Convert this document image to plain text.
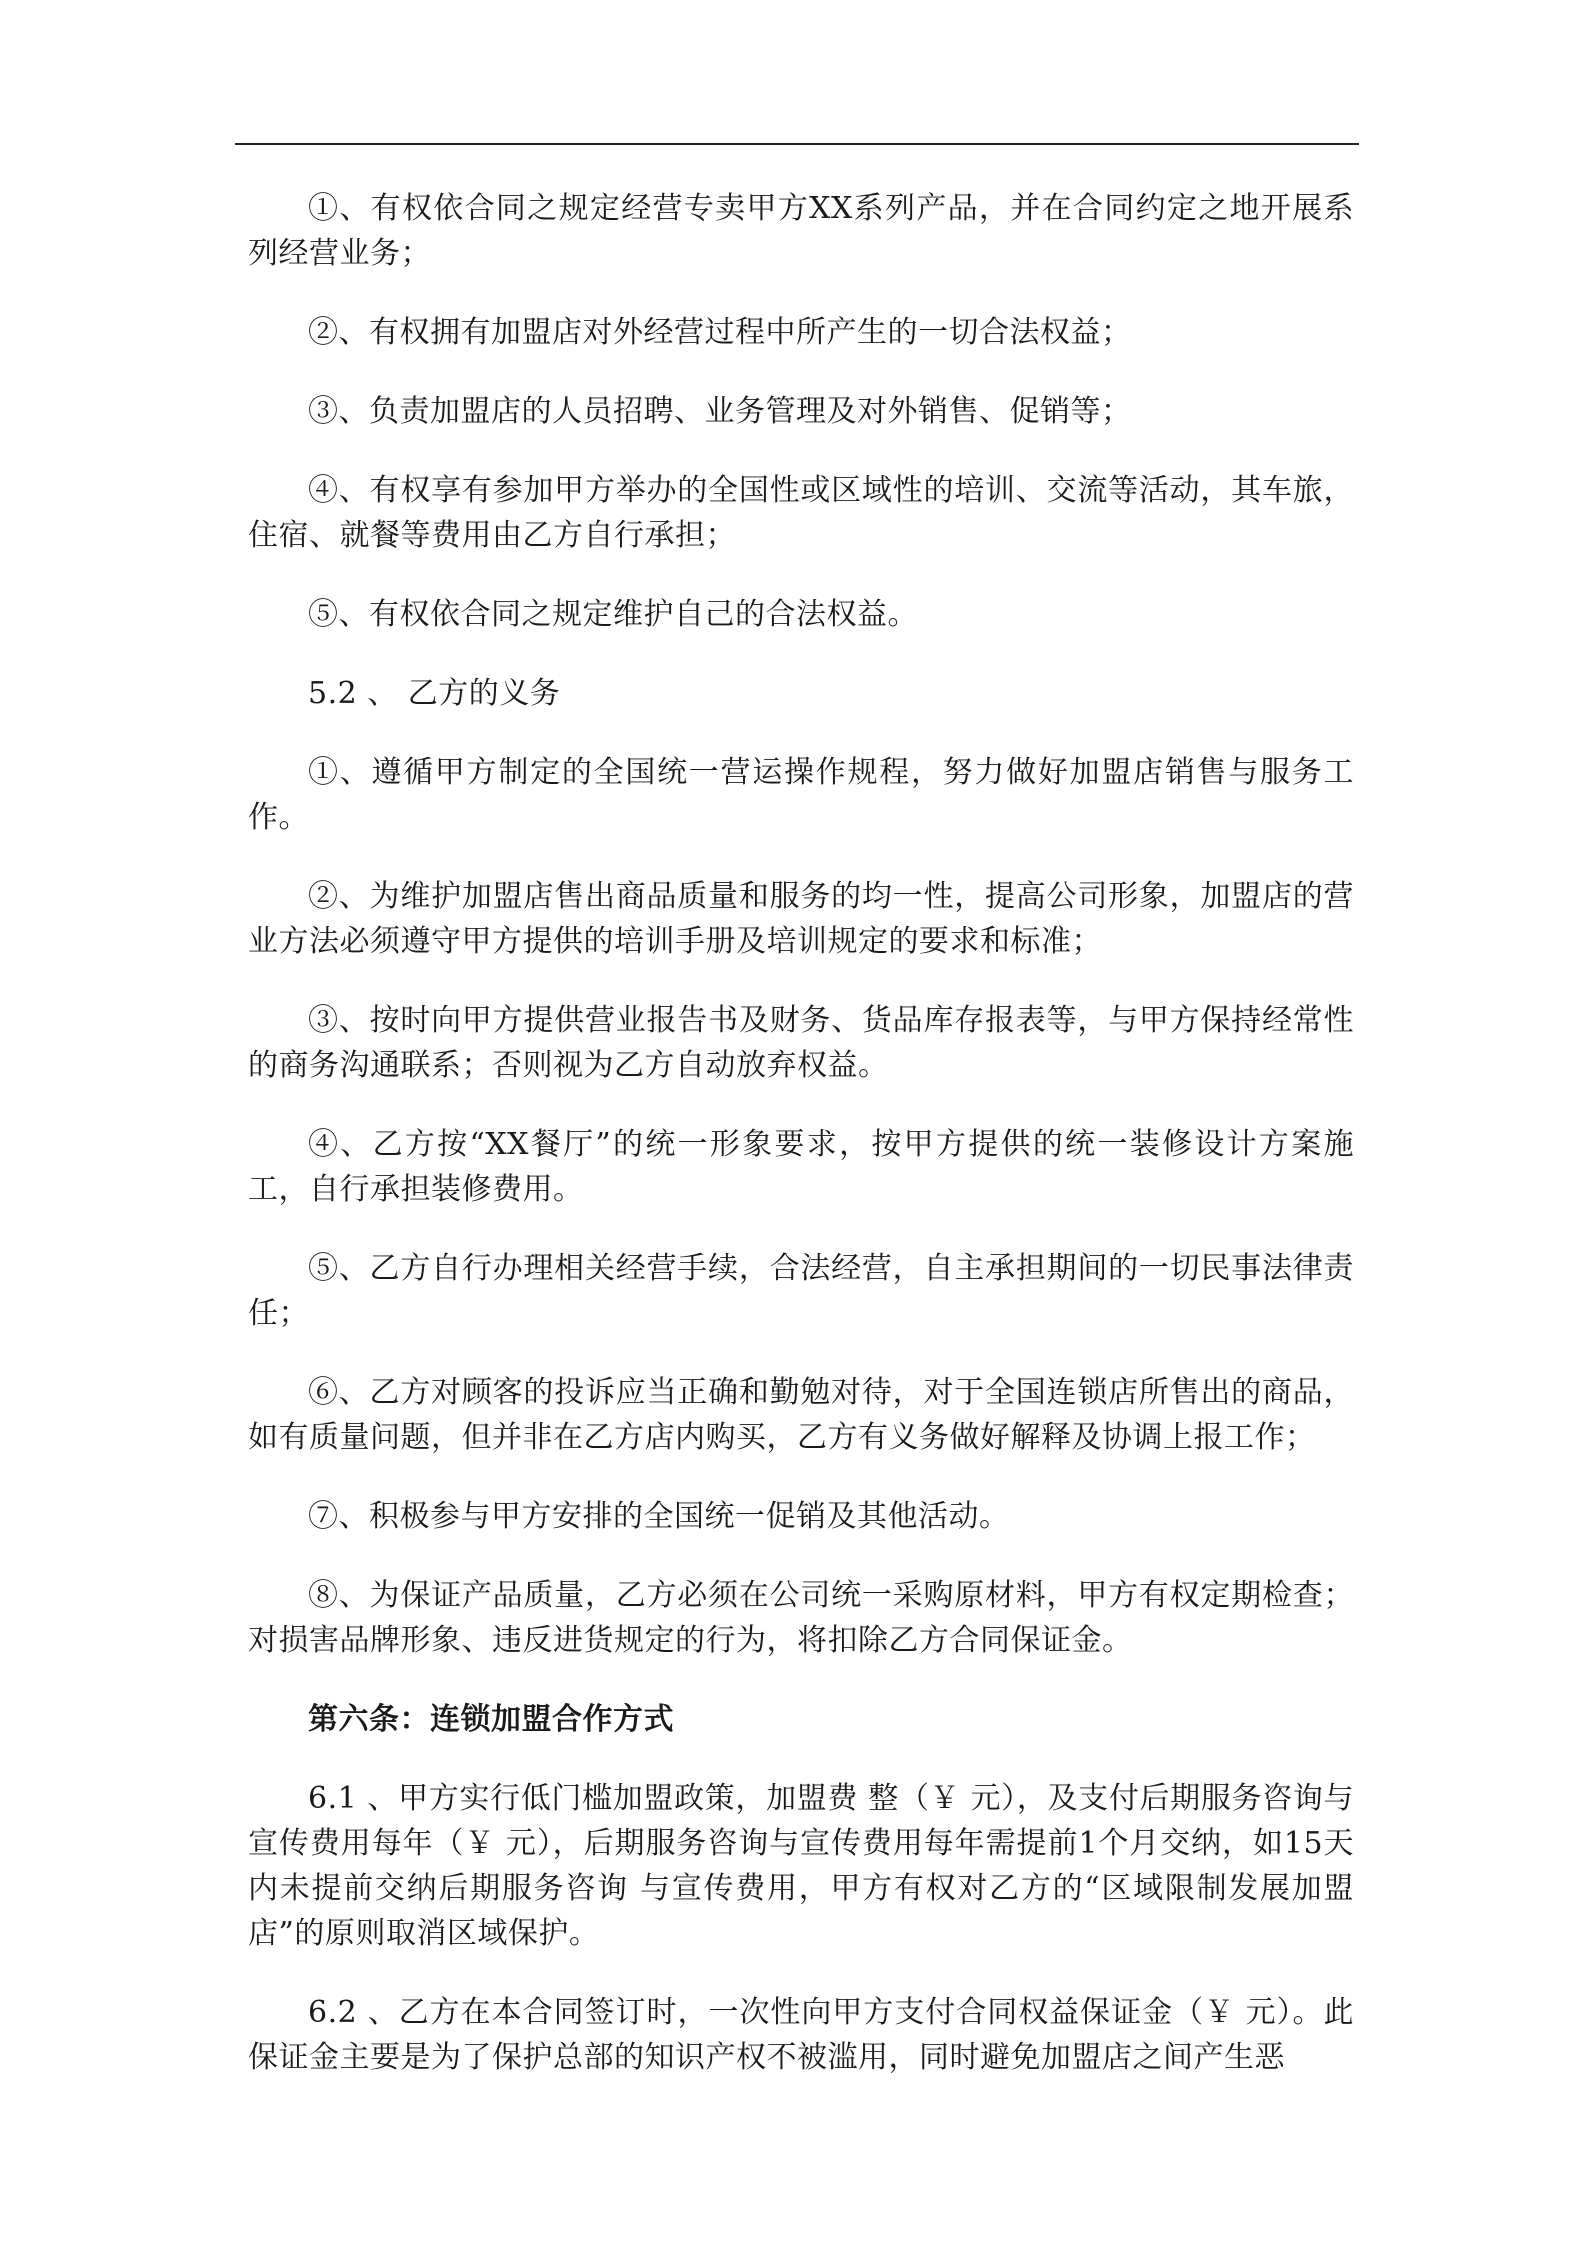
①、有权依合同之规定经营专卖甲方XX系列产品，并在合同约定之地开展系列经营业务；

②、有权拥有加盟店对外经营过程中所产生的一切合法权益；

③、负责加盟店的人员招聘、业务管理及对外销售、促销等；

④、有权享有参加甲方举办的全国性或区域性的培训、交流等活动，其车旅，住宿、就餐等费用由乙方自行承担；

⑤、有权依合同之规定维护自己的合法权益。

5.2 、 乙方的义务

①、遵循甲方制定的全国统一营运操作规程，努力做好加盟店销售与服务工作。

②、为维护加盟店售出商品质量和服务的均一性，提高公司形象，加盟店的营业方法必须遵守甲方提供的培训手册及培训规定的要求和标准；

③、按时向甲方提供营业报告书及财务、货品库存报表等，与甲方保持经常性的商务沟通联系；否则视为乙方自动放弃权益。

④、乙方按“XX餐厅”的统一形象要求，按甲方提供的统一装修设计方案施工，自行承担装修费用。

⑤、乙方自行办理相关经营手续，合法经营，自主承担期间的一切民事法律责任；

⑥、乙方对顾客的投诉应当正确和勤勉对待，对于全国连锁店所售出的商品，如有质量问题，但并非在乙方店内购买，乙方有义务做好解释及协调上报工作；

⑦、积极参与甲方安排的全国统一促销及其他活动。

⑧、为保证产品质量，乙方必须在公司统一采购原材料，甲方有权定期检查；对损害品牌形象、违反进货规定的行为，将扣除乙方合同保证金。

第六条：连锁加盟合作方式

6.1 、甲方实行低门槛加盟政策，加盟费 整（￥ 元），及支付后期服务咨询与宣传费用每年（￥ 元），后期服务咨询与宣传费用每年需提前1个月交纳，如15天内未提前交纳后期服务咨询 与宣传费用，甲方有权对乙方的“区域限制发展加盟店”的原则取消区域保护。

6.2 、乙方在本合同签订时，一次性向甲方支付合同权益保证金（￥ 元）。此保证金主要是为了保护总部的知识产权不被滥用，同时避免加盟店之间产生恶
